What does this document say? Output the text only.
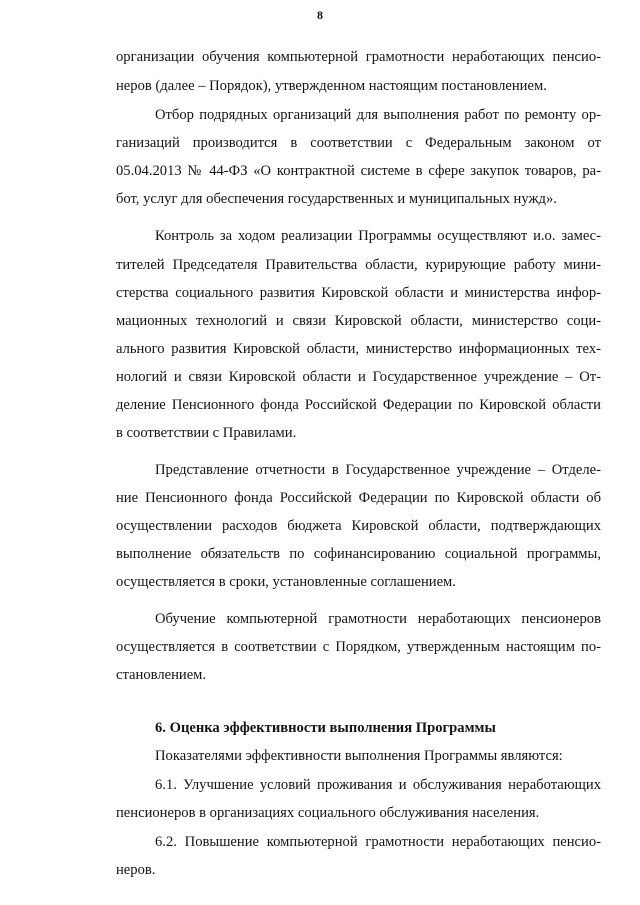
8
организации обучения компьютерной грамотности неработающих пенсио-
неров (далее – Порядок), утвержденном настоящим постановлением.
Отбор подрядных организаций для выполнения работ по ремонту ор-
ганизаций производится в соответствии с Федеральным законом от
05.04.2013 № 44-ФЗ «О контрактной системе в сфере закупок товаров, ра-
бот, услуг для обеспечения государственных и муниципальных нужд».
Контроль за ходом реализации Программы осуществляют и.о. замес-
тителей Председателя Правительства области, курирующие работу мини-
стерства социального развития Кировской области и министерства инфор-
мационных технологий и связи Кировской области, министерство соци-
ального развития Кировской области, министерство информационных тех-
нологий и связи Кировской области и Государственное учреждение – От-
деление Пенсионного фонда Российской Федерации по Кировской области
в соответствии с Правилами.
Представление отчетности в Государственное учреждение – Отделе-
ние Пенсионного фонда Российской Федерации по Кировской области об
осуществлении расходов бюджета Кировской области, подтверждающих
выполнение обязательств по софинансированию социальной программы,
осуществляется в сроки, установленные соглашением.
Обучение компьютерной грамотности неработающих пенсионеров
осуществляется в соответствии с Порядком, утвержденным настоящим по-
становлением.
6. Оценка эффективности выполнения Программы
Показателями эффективности выполнения Программы являются:
6.1. Улучшение условий проживания и обслуживания неработающих
пенсионеров в организациях социального обслуживания населения.
6.2. Повышение компьютерной грамотности неработающих пенсио-
неров.
